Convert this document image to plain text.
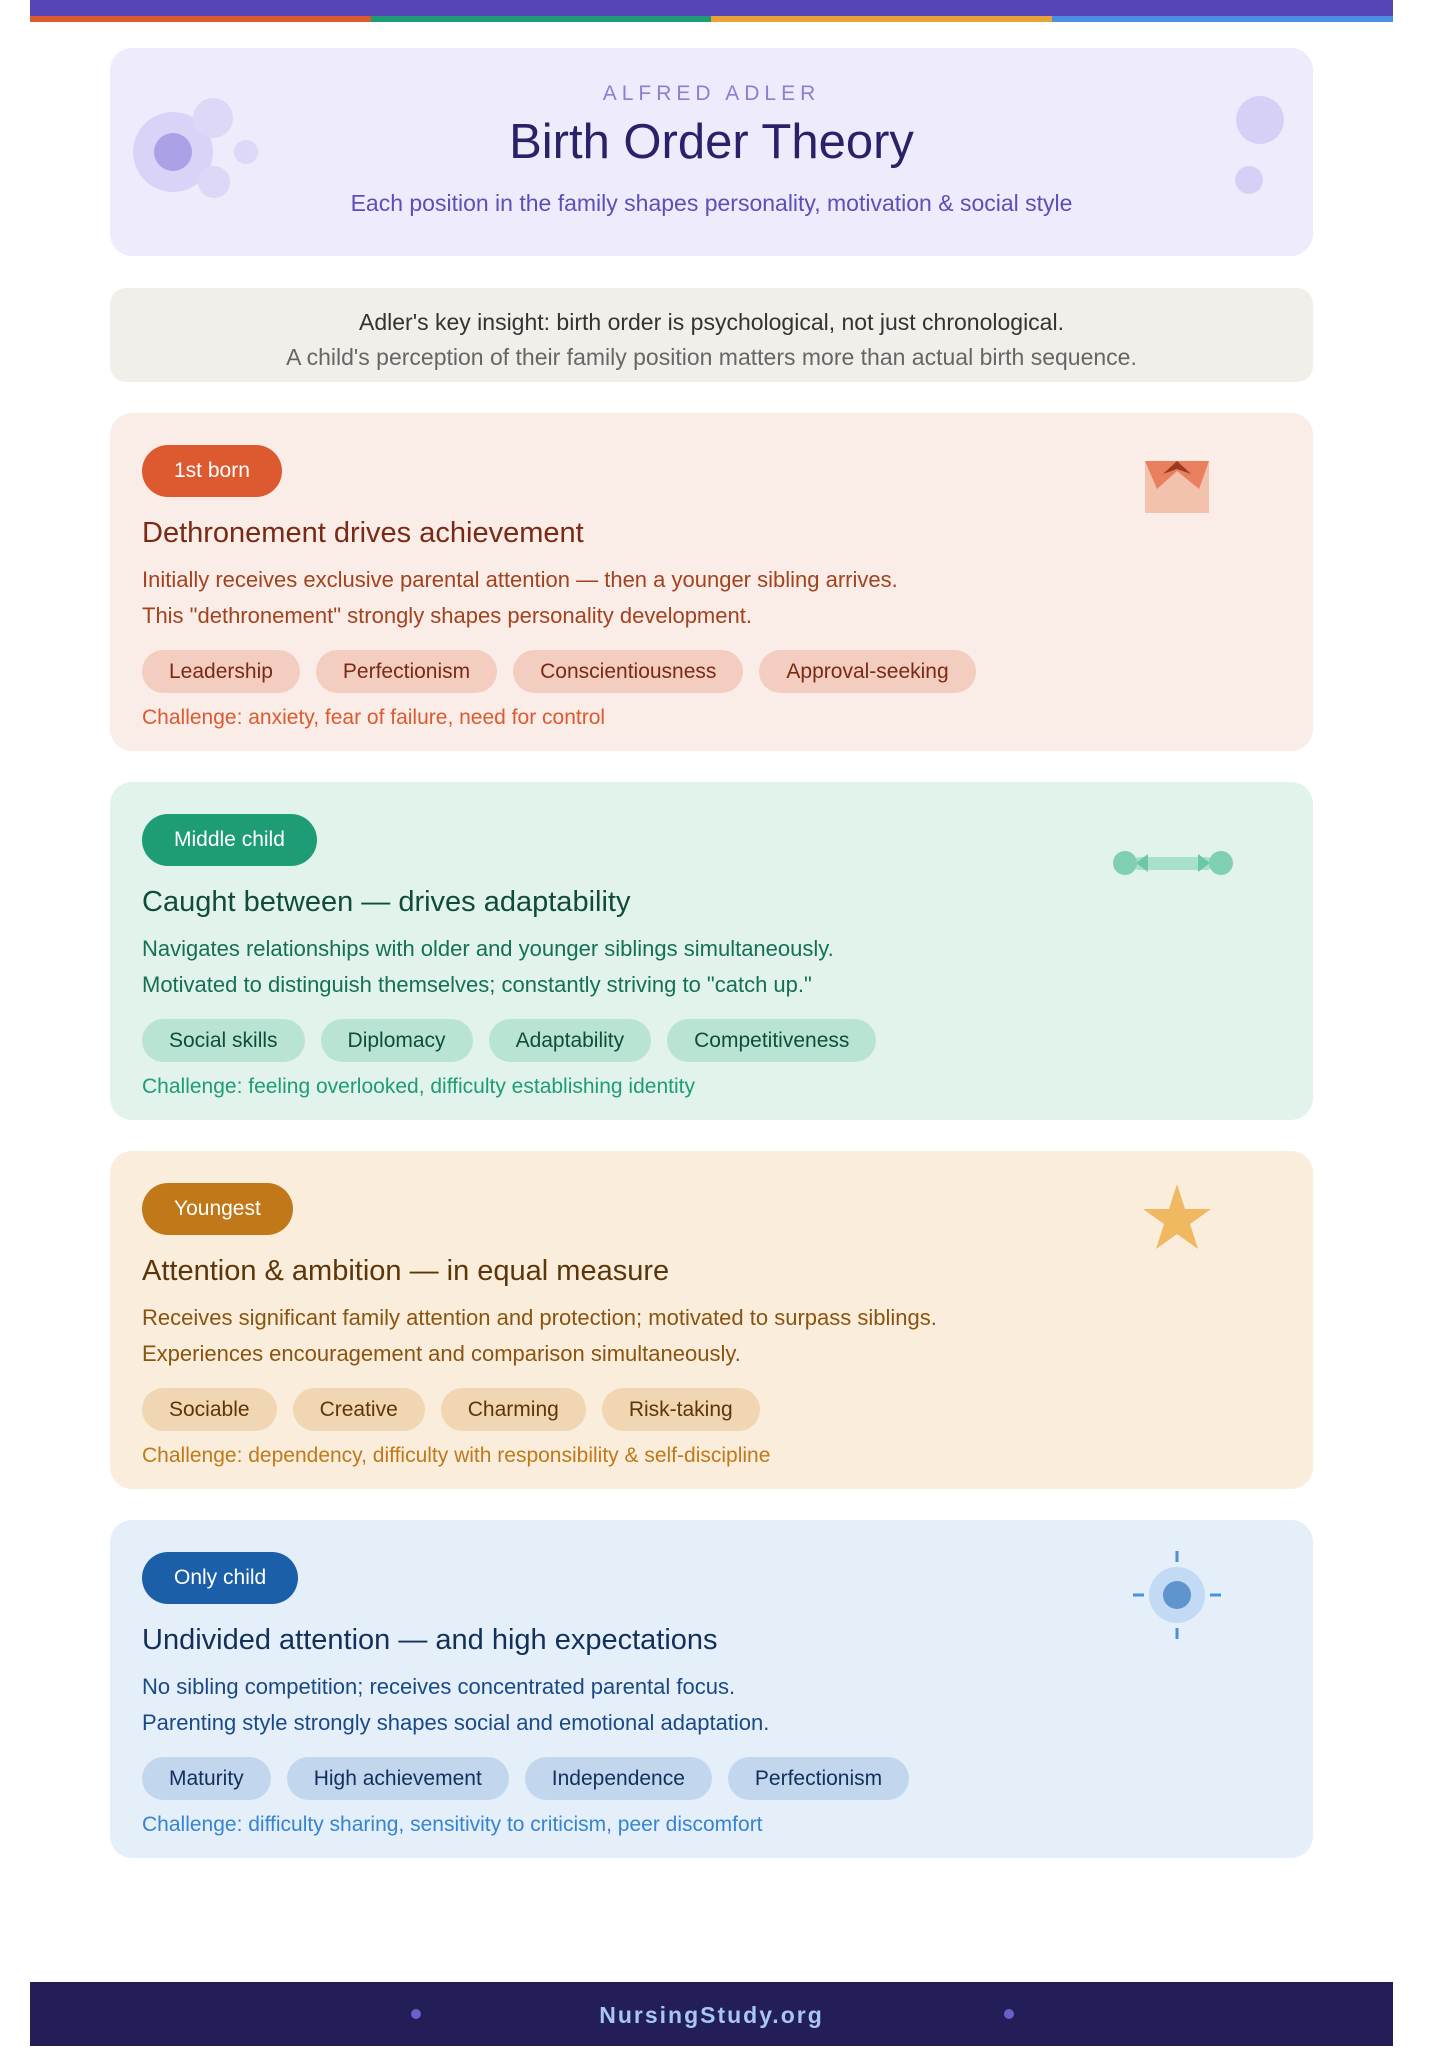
ALFRED ADLER
Birth Order Theory
Each position in the family shapes personality, motivation & social style
Adler's key insight: birth order is psychological, not just chronological.
A child's perception of their family position matters more than actual birth sequence.
1st born
Dethronement drives achievement
Initially receives exclusive parental attention — then a younger sibling arrives.
This "dethronement" strongly shapes personality development.
Leadership	Perfectionism	Conscientiousness	Approval-seeking
Challenge: anxiety, fear of failure, need for control
Middle child
Caught between — drives adaptability
Navigates relationships with older and younger siblings simultaneously.
Motivated to distinguish themselves; constantly striving to "catch up."
Social skills	Diplomacy	Adaptability	Competitiveness
Challenge: feeling overlooked, difficulty establishing identity
Youngest
Attention & ambition — in equal measure
Receives significant family attention and protection; motivated to surpass siblings.
Experiences encouragement and comparison simultaneously.
Sociable	Creative	Charming	Risk-taking
Challenge: dependency, difficulty with responsibility & self-discipline
Only child
Undivided attention — and high expectations
No sibling competition; receives concentrated parental focus.
Parenting style strongly shapes social and emotional adaptation.
Maturity	High achievement	Independence	Perfectionism
Challenge: difficulty sharing, sensitivity to criticism, peer discomfort
NursingStudy.org
